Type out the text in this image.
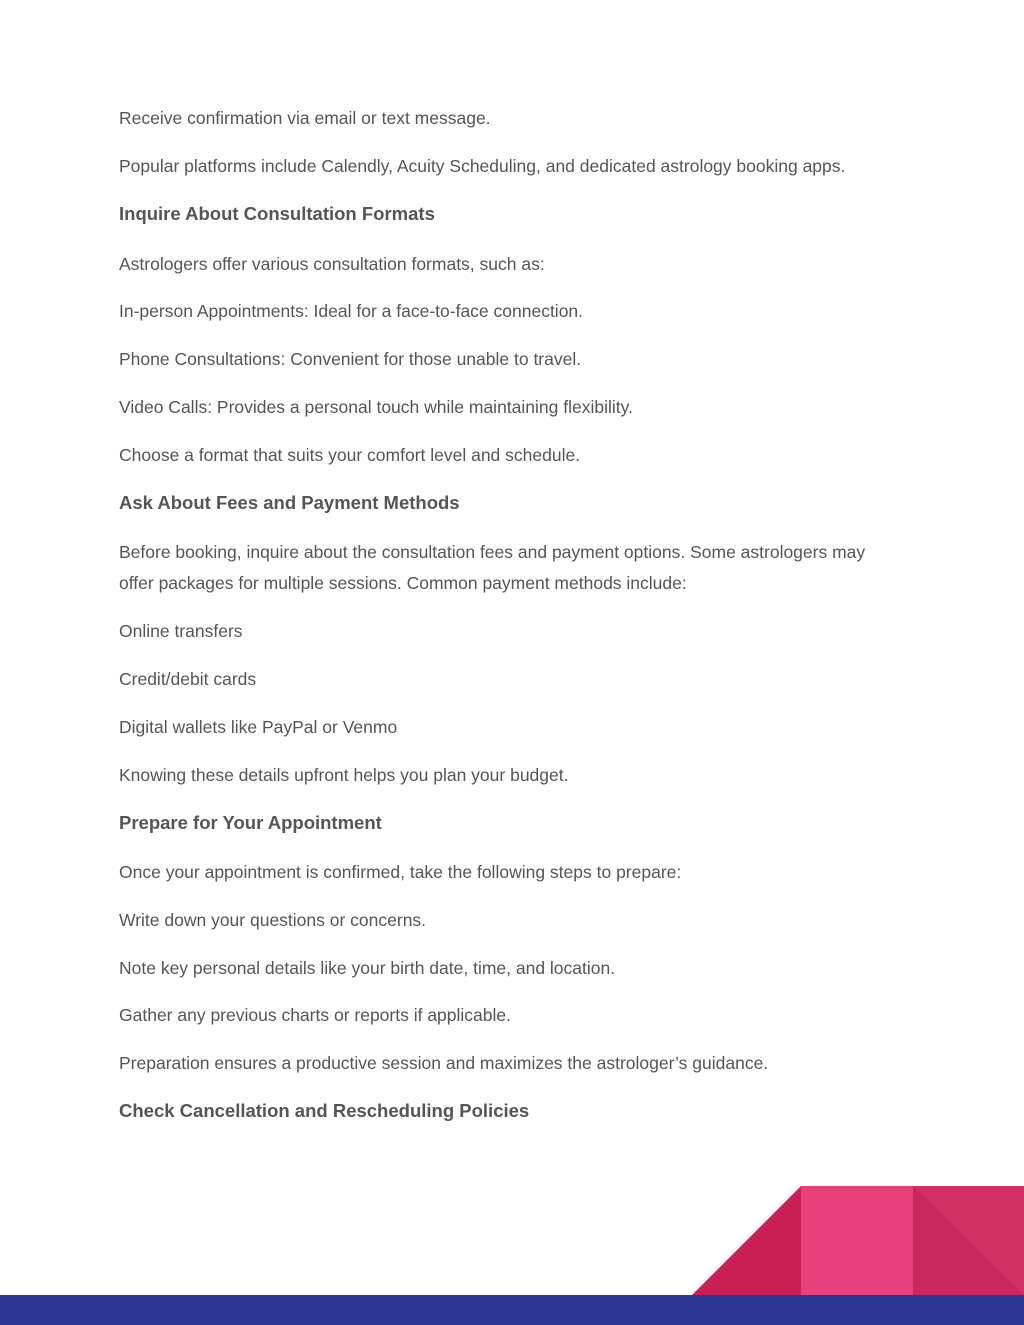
Receive confirmation via email or text message.
Popular platforms include Calendly, Acuity Scheduling, and dedicated astrology booking apps.
Inquire About Consultation Formats
Astrologers offer various consultation formats, such as:
In-person Appointments: Ideal for a face-to-face connection.
Phone Consultations: Convenient for those unable to travel.
Video Calls: Provides a personal touch while maintaining flexibility.
Choose a format that suits your comfort level and schedule.
Ask About Fees and Payment Methods
Before booking, inquire about the consultation fees and payment options. Some astrologers may offer packages for multiple sessions. Common payment methods include:
Online transfers
Credit/debit cards
Digital wallets like PayPal or Venmo
Knowing these details upfront helps you plan your budget.
Prepare for Your Appointment
Once your appointment is confirmed, take the following steps to prepare:
Write down your questions or concerns.
Note key personal details like your birth date, time, and location.
Gather any previous charts or reports if applicable.
Preparation ensures a productive session and maximizes the astrologer’s guidance.
Check Cancellation and Rescheduling Policies
